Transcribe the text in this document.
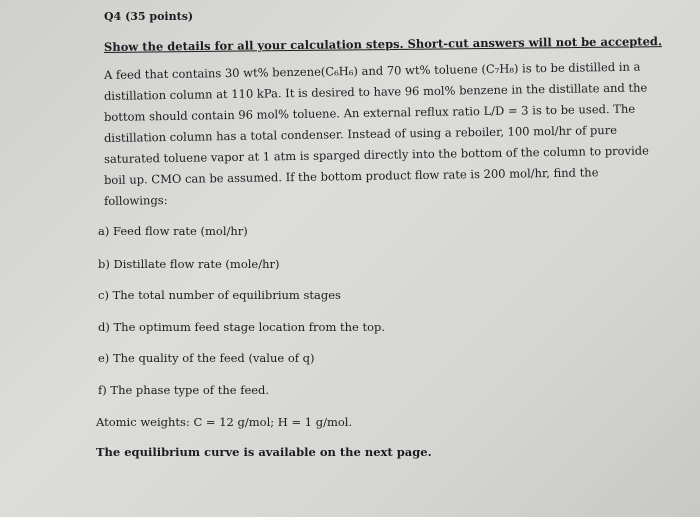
Q4 (35 points)
Show the details for all your calculation steps. Short-cut answers will not be accepted.
A feed that contains 30 wt% benzene(C₆H₆) and 70 wt% toluene (C₇H₈) is to be distilled in a
distillation column at 110 kPa. It is desired to have 96 mol% benzene in the distillate and the
bottom should contain 96 mol% toluene. An external reflux ratio L/D = 3 is to be used. The
distillation column has a total condenser. Instead of using a reboiler, 100 mol/hr of pure
saturated toluene vapor at 1 atm is sparged directly into the bottom of the column to provide
boil up. CMO can be assumed. If the bottom product flow rate is 200 mol/hr, find the
followings:
a) Feed flow rate (mol/hr)
b) Distillate flow rate (mole/hr)
c) The total number of equilibrium stages
d) The optimum feed stage location from the top.
e) The quality of the feed (value of q)
f) The phase type of the feed.
Atomic weights: C = 12 g/mol; H = 1 g/mol.
The equilibrium curve is available on the next page.
